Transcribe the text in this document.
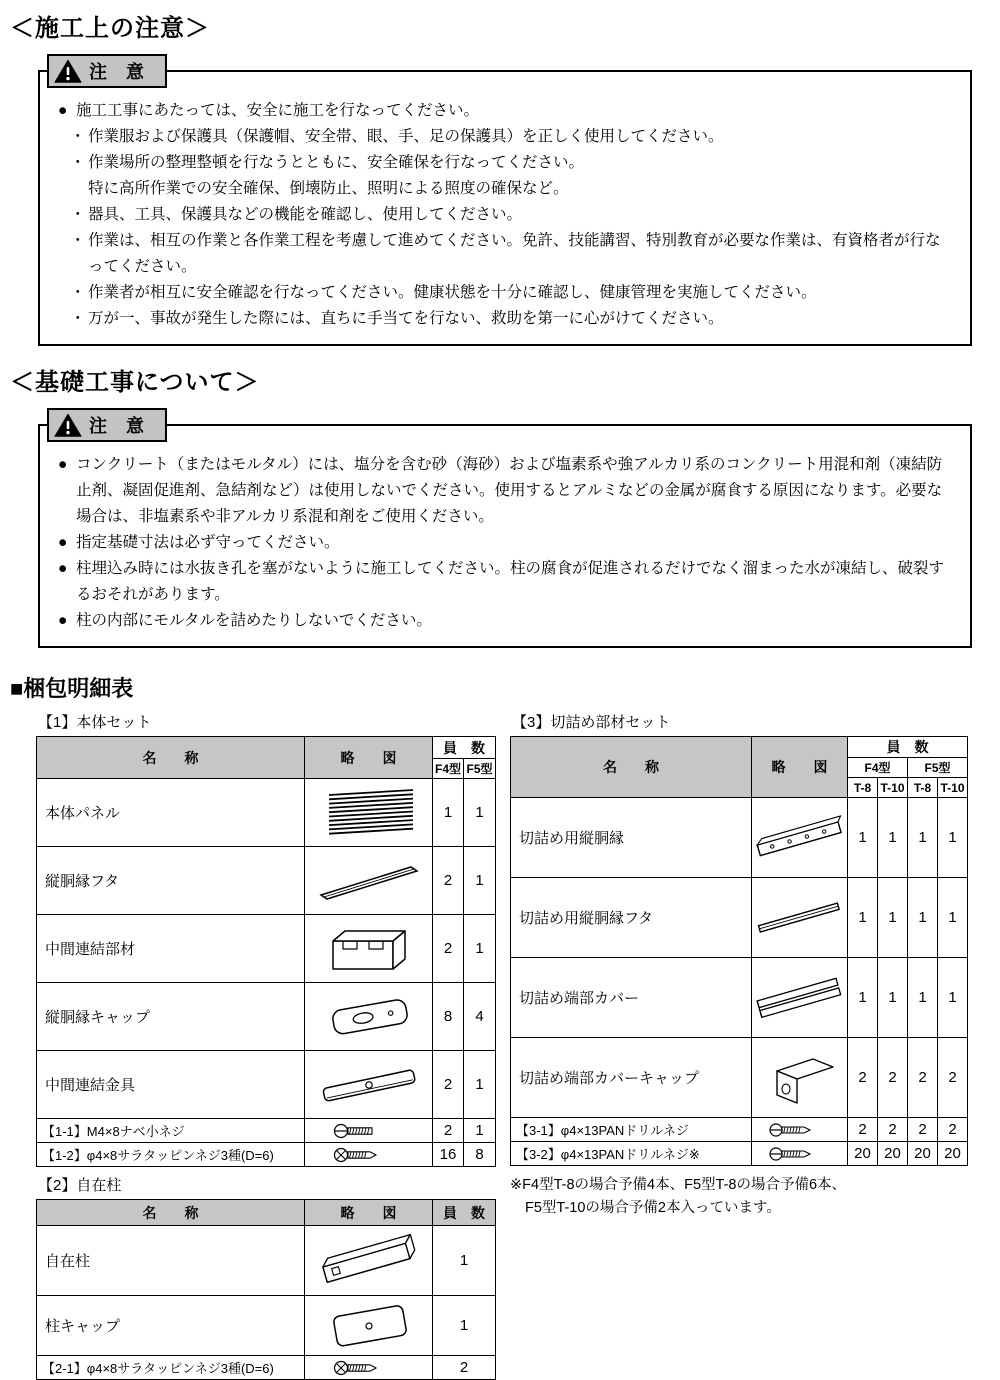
＜施工上の注意＞
注 意
● 施工工事にあたっては、安全に施工を行なってください。
・ 作業服および保護具（保護帽、安全帯、眼、手、足の保護具）を正しく使用してください。
・ 作業場所の整理整頓を行なうとともに、安全確保を行なってください。
特に高所作業での安全確保、倒壊防止、照明による照度の確保など。
・ 器具、工具、保護具などの機能を確認し、使用してください。
・ 作業は、相互の作業と各作業工程を考慮して進めてください。免許、技能講習、特別教育が必要な作業は、有資格者が行なってください。
・ 作業者が相互に安全確認を行なってください。健康状態を十分に確認し、健康管理を実施してください。
・ 万が一、事故が発生した際には、直ちに手当てを行ない、救助を第一に心がけてください。
＜基礎工事について＞
注 意
● コンクリート（またはモルタル）には、塩分を含む砂（海砂）および塩素系や強アルカリ系のコンクリート用混和剤（凍結防止剤、凝固促進剤、急結剤など）は使用しないでください。使用するとアルミなどの金属が腐食する原因になります。必要な場合は、非塩素系や非アルカリ系混和剤をご使用ください。
● 指定基礎寸法は必ず守ってください。
● 柱埋込み時には水抜き孔を塞がないように施工してください。柱の腐食が促進されるだけでなく溜まった水が凍結し、破裂するおそれがあります。
● 柱の内部にモルタルを詰めたりしないでください。
■梱包明細表
【1】本体セット
名　　称	略　　図	員　数	
		F4型	F5型
本体パネル		1	1
縦胴縁フタ		2	1
中間連結部材		2	1
縦胴縁キャップ		8	4
中間連結金具		2	1
【1-1】M4×8ナベ小ネジ		2	1
【1-2】φ4×8サラタッピンネジ3種(D=6)		16	8
【2】自在柱
名　　称	略　　図	員　数
自在柱		1
柱キャップ		1
【2-1】φ4×8サラタッピンネジ3種(D=6)		2
【3】切詰め部材セット
名　　称	略　　図	員　数			
		F4型		F5型	
		T-8	T-10	T-8	T-10
切詰め用縦胴縁		1	1	1	1
切詰め用縦胴縁フタ		1	1	1	1
切詰め端部カバー		1	1	1	1
切詰め端部カバーキャップ		2	2	2	2
【3-1】φ4×13PANドリルネジ		2	2	2	2
【3-2】φ4×13PANドリルネジ※		20	20	20	20
※F4型T-8の場合予備4本、F5型T-8の場合予備6本、
F5型T-10の場合予備2本入っています。
